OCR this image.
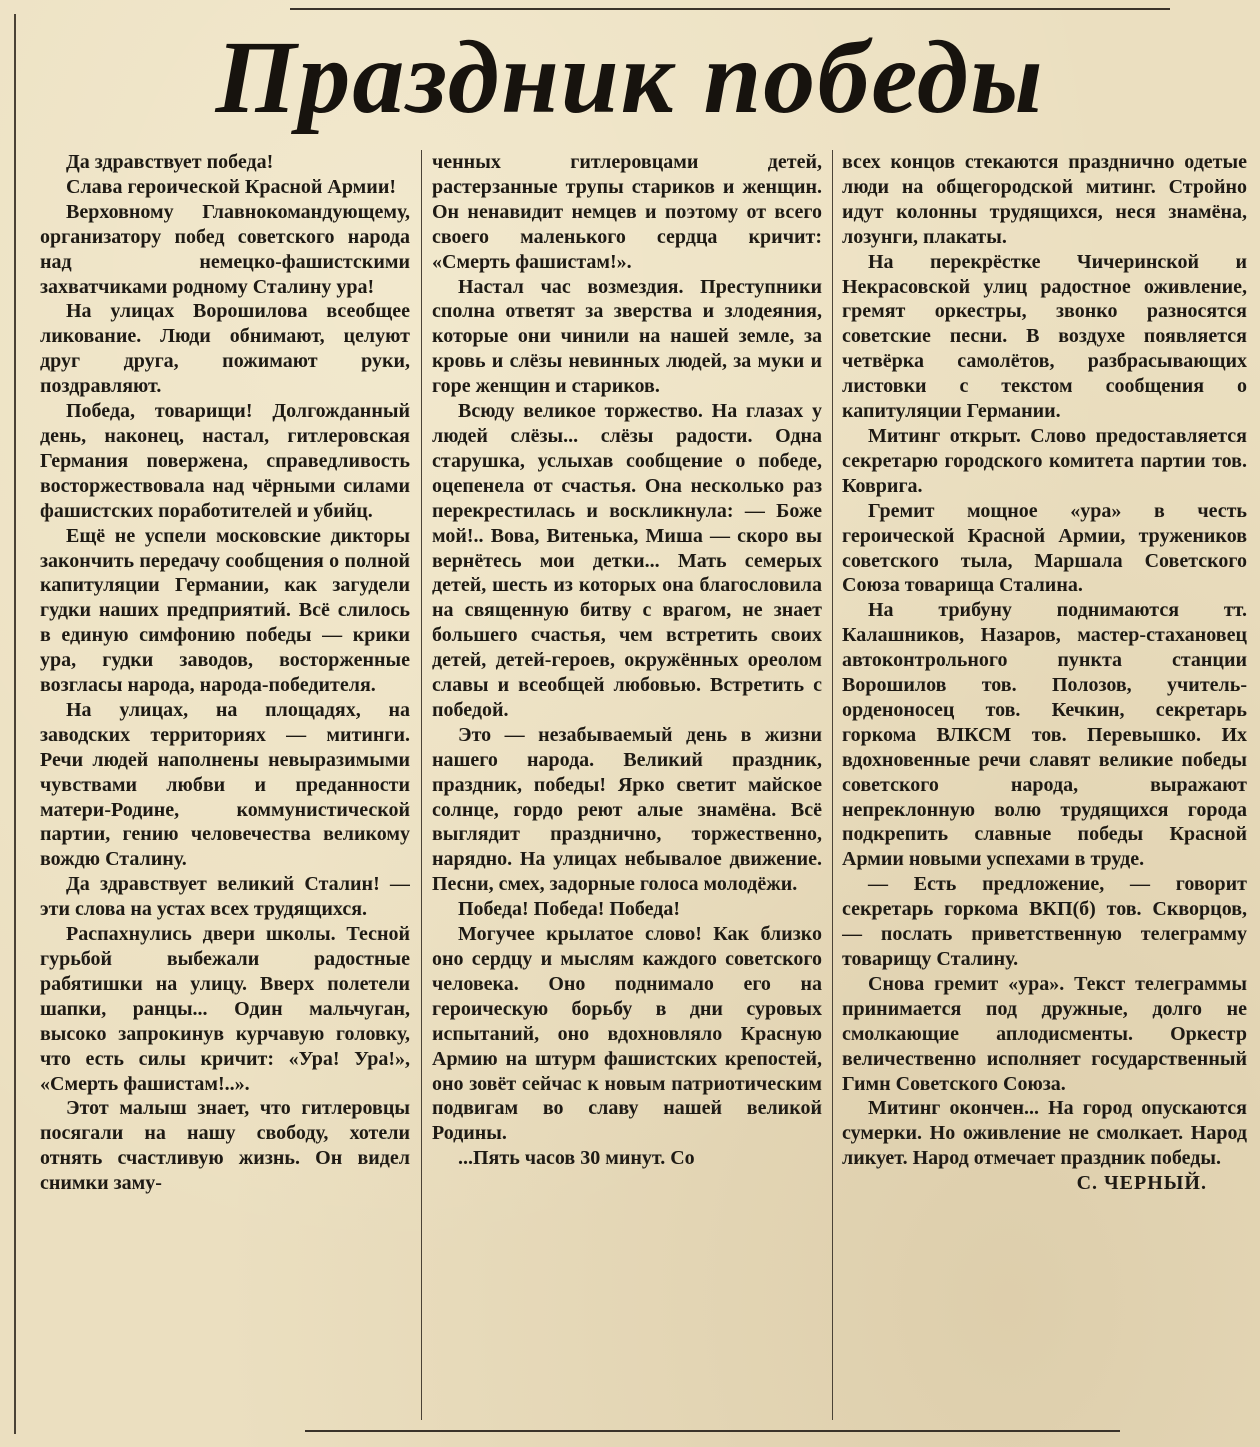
Праздник победы

Да здравствует победа!

Слава героической Красной Армии!

Верховному Главнокомандующему, организатору побед советского народа над немецко-фашистскими захватчиками родному Сталину ура!

На улицах Ворошилова всеобщее ликование. Люди обнимают, целуют друг друга, пожимают руки, поздравляют.

Победа, товарищи! Долгожданный день, наконец, настал, гитлеровская Германия повержена, справедливость восторжествовала над чёрными силами фашистских поработителей и убийц.

Ещё не успели московские дикторы закончить передачу сообщения о полной капитуляции Германии, как загудели гудки наших предприятий. Всё слилось в единую симфонию победы — крики ура, гудки заводов, восторженные возгласы народа, народа-победителя.

На улицах, на площадях, на заводских территориях — митинги. Речи людей наполнены невыразимыми чувствами любви и преданности матери-Родине, коммунистической партии, гению человечества великому вождю Сталину.

Да здравствует великий Сталин! — эти слова на устах всех трудящихся.

Распахнулись двери школы. Тесной гурьбой выбежали радостные рабятишки на улицу. Вверх полетели шапки, ранцы... Один мальчуган, высоко запрокинув курчавую головку, что есть силы кричит: «Ура! Ура!», «Смерть фашистам!..».

Этот малыш знает, что гитлеровцы посягали на нашу свободу, хотели отнять счастливую жизнь. Он видел снимки заму-

ченных гитлеровцами детей, растерзанные трупы стариков и женщин. Он ненавидит немцев и поэтому от всего своего маленького сердца кричит: «Смерть фашистам!».

Настал час возмездия. Преступники сполна ответят за зверства и злодеяния, которые они чинили на нашей земле, за кровь и слёзы невинных людей, за муки и горе женщин и стариков.

Всюду великое торжество. На глазах у людей слёзы... слёзы радости. Одна старушка, услыхав сообщение о победе, оцепенела от счастья. Она несколько раз перекрестилась и воскликнула: — Боже мой!.. Вова, Витенька, Миша — скоро вы вернётесь мои детки... Мать семерых детей, шесть из которых она благословила на священную битву с врагом, не знает большего счастья, чем встретить своих детей, детей-героев, окружённых ореолом славы и всеобщей любовью. Встретить с победой.

Это — незабываемый день в жизни нашего народа. Великий праздник, праздник, победы! Ярко светит майское солнце, гордо реют алые знамёна. Всё выглядит празднично, торжественно, нарядно. На улицах небывалое движение. Песни, смех, задорные голоса молодёжи.

Победа! Победа! Победа!

Могучее крылатое слово! Как близко оно сердцу и мыслям каждого советского человека. Оно поднимало его на героическую борьбу в дни суровых испытаний, оно вдохновляло Красную Армию на штурм фашистских крепостей, оно зовёт сейчас к новым патриотическим подвигам во славу нашей великой Родины.

...Пять часов 30 минут. Со

всех концов стекаются празднично одетые люди на общегородской митинг. Стройно идут колонны трудящихся, неся знамёна, лозунги, плакаты.

На перекрёстке Чичеринской и Некрасовской улиц радостное оживление, гремят оркестры, звонко разносятся советские песни. В воздухе появляется четвёрка самолётов, разбрасывающих листовки с текстом сообщения о капитуляции Германии.

Митинг открыт. Слово предоставляется секретарю городского комитета партии тов. Коврига.

Гремит мощное «ура» в честь героической Красной Армии, тружеников советского тыла, Маршала Советского Союза товарища Сталина.

На трибуну поднимаются тт. Калашников, Назаров, мастер-стахановец автоконтрольного пункта станции Ворошилов тов. Полозов, учитель-орденоносец тов. Кечкин, секретарь горкома ВЛКСМ тов. Перевышко. Их вдохновенные речи славят великие победы советского народа, выражают непреклонную волю трудящихся города подкрепить славные победы Красной Армии новыми успехами в труде.

— Есть предложение, — говорит секретарь горкома ВКП(б) тов. Скворцов, — послать приветственную телеграмму товарищу Сталину.

Снова гремит «ура». Текст телеграммы принимается под дружные, долго не смолкающие аплодисменты. Оркестр величественно исполняет государственный Гимн Советского Союза.

Митинг окончен... На город опускаются сумерки. Но оживление не смолкает. Народ ликует. Народ отмечает праздник победы.

С. ЧЕРНЫЙ.
